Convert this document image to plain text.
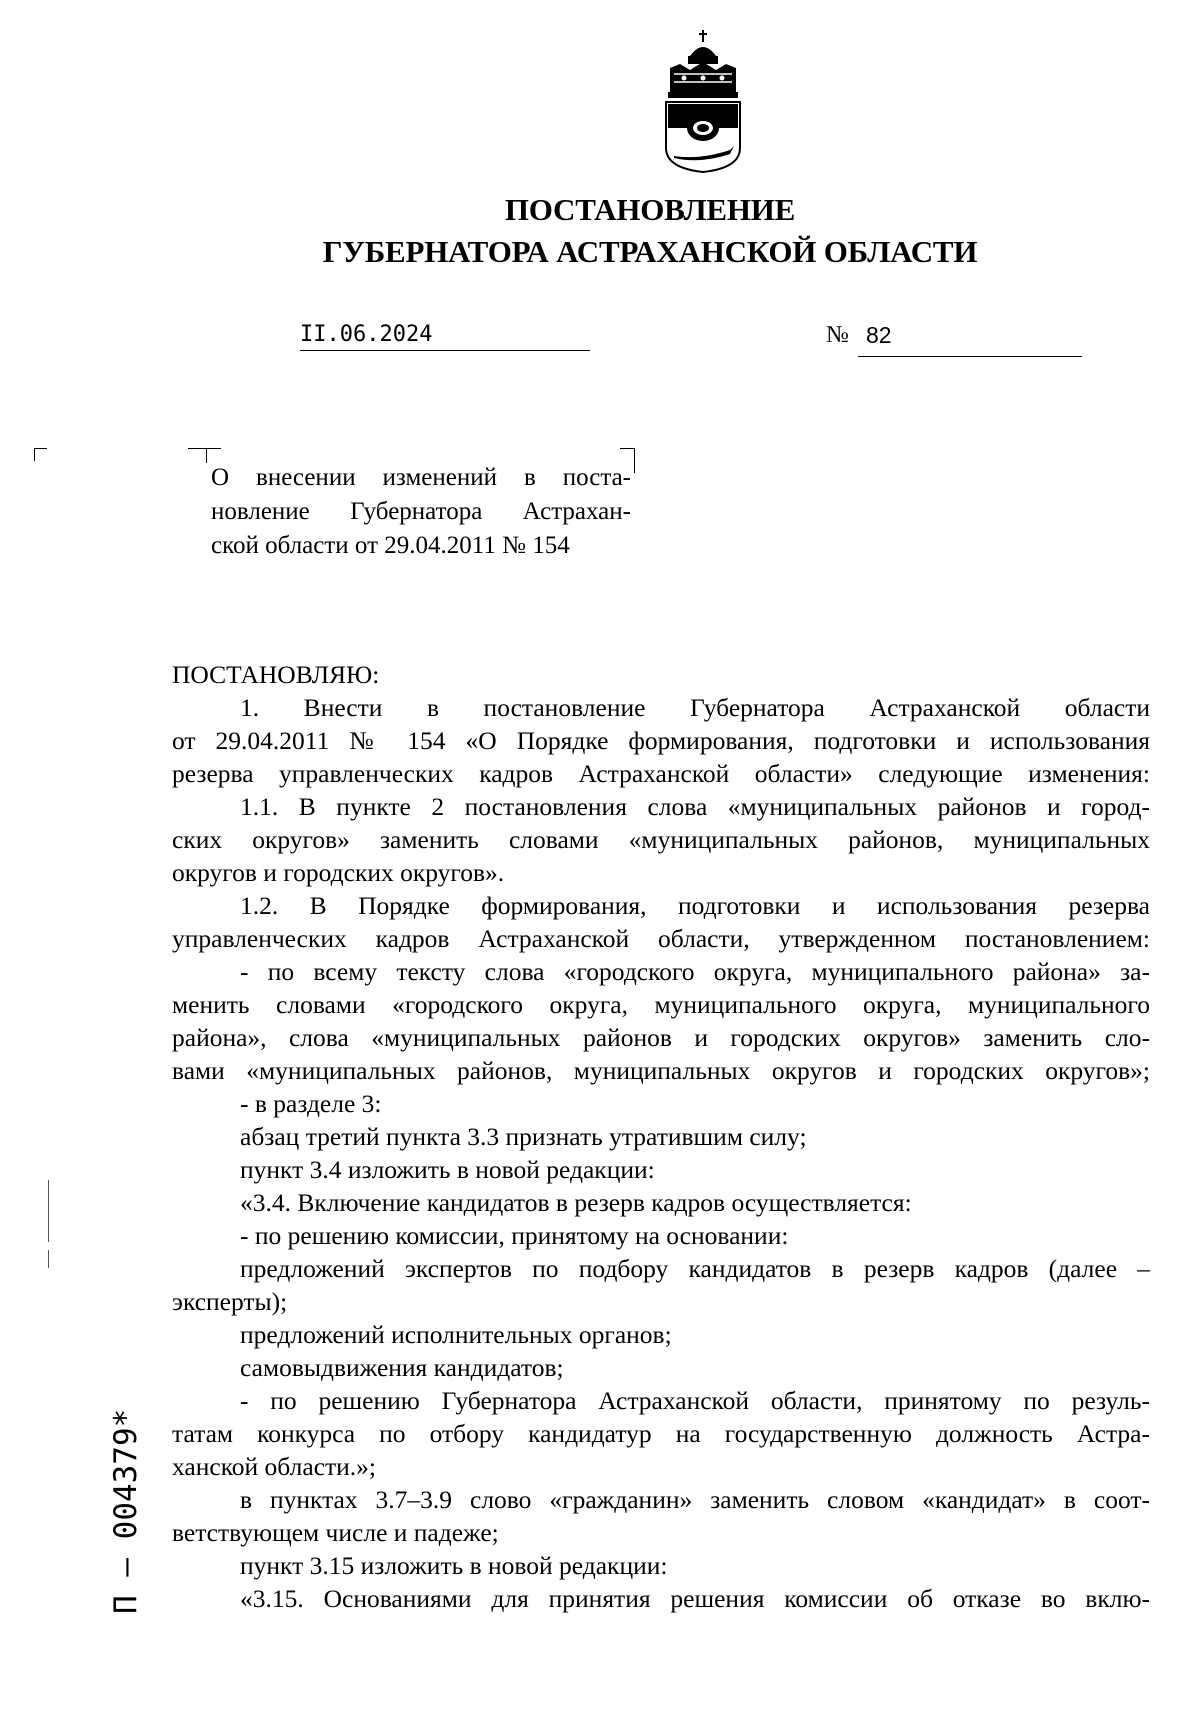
ПОСТАНОВЛЕНИЕ
ГУБЕРНАТОРА АСТРАХАНСКОЙ ОБЛАСТИ
II.06.2024	№ 82
О внесении изменений в поста-
новление Губернатора Астрахан-
ской области от 29.04.2011 № 154

ПОСТАНОВЛЯЮ:

1. Внести в постановление Губернатора Астраханской области

от 29.04.2011 № 154 «О Порядке формирования, подготовки и использования

резерва управленческих кадров Астраханской области» следующие изменения:

1.1. В пункте 2 постановления слова «муниципальных районов и город-

ских округов» заменить словами «муниципальных районов, муниципальных

округов и городских округов».

1.2. В Порядке формирования, подготовки и использования резерва

управленческих кадров Астраханской области, утвержденном постановлением:

- по всему тексту слова «городского округа, муниципального района» за-

менить словами «городского округа, муниципального округа, муниципального

района», слова «муниципальных районов и городских округов» заменить сло-

вами «муниципальных районов, муниципальных округов и городских округов»;

- в разделе 3:

абзац третий пункта 3.3 признать утратившим силу;

пункт 3.4 изложить в новой редакции:

«3.4. Включение кандидатов в резерв кадров осуществляется:

- по решению комиссии, принятому на основании:

предложений экспертов по подбору кандидатов в резерв кадров (далее –

эксперты);

предложений исполнительных органов;

самовыдвижения кандидатов;

- по решению Губернатора Астраханской области, принятому по резуль-

татам конкурса по отбору кандидатур на государственную должность Астра-

ханской области.»;

в пунктах 3.7–3.9 слово «гражданин» заменить словом «кандидат» в соот-

ветствующем числе и падеже;

пункт 3.15 изложить в новой редакции:

«3.15. Основаниями для принятия решения комиссии об отказе во вклю-

П – 004379*
